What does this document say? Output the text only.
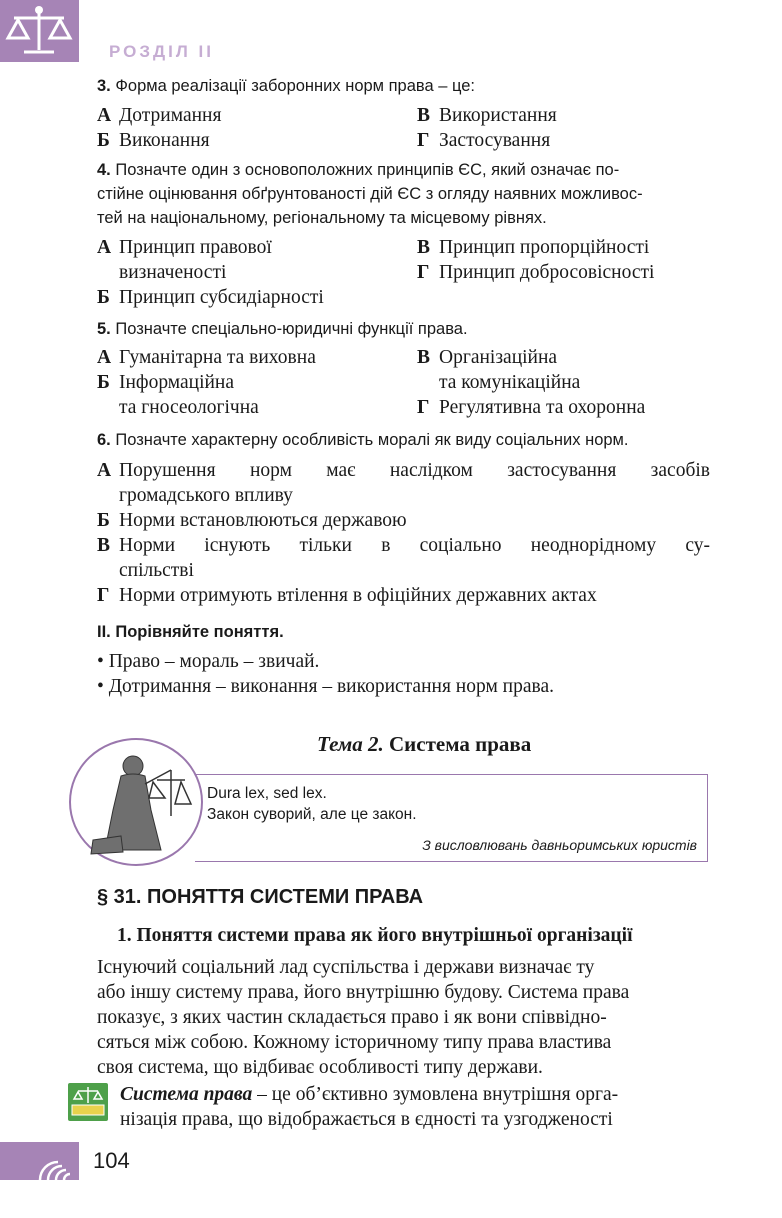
РОЗДІЛ II
3. Форма реалізації заборонних норм права – це:
А Дотримання	В Використання
Б Виконання	Г Застосування
4. Позначте один з основоположних принципів ЄС, який означає по-
стійне оцінювання обґрунтованості дій ЄС з огляду наявних можливос-
тей на національному, регіональному та місцевому рівнях.
А Принцип правової
визначеності
В Принцип пропорційності
Г Принцип добросовісності
Б Принцип субсидіарності
5. Позначте спеціально-юридичні функції права.
А Гуманітарна та виховна
Б Інформаційна
та гносеологічна
В Організаційна
та комунікаційна
Г Регулятивна та охоронна
6. Позначте характерну особливість моралі як виду соціальних норм.
А Порушення норм має наслідком застосування засобів
громадського впливу
Б Норми встановлюються державою
В Норми існують тільки в соціально неоднорідному су-
спільстві
Г Норми отримують втілення в офіційних державних актах
II. Порівняйте поняття.
• Право – мораль – звичай.
• Дотримання – виконання – використання норм права.
Тема 2. Система права
Dura lex, sed lex.
Закон суворий, але це закон.
З висловлювань давньоримських юристів
§ 31. ПОНЯТТЯ СИСТЕМИ ПРАВА
1. Поняття системи права як його внутрішньої організації
Існуючий соціальний лад суспільства і держави визначає ту
або іншу систему права, його внутрішню будову. Система права
показує, з яких частин складається право і як вони співвідно-
сяться між собою. Кожному історичному типу права властива
своя система, що відбиває особливості типу держави.
Система права – це об’єктивно зумовлена внутрішня орга-
нізація права, що відображається в єдності та узгодженості
104
